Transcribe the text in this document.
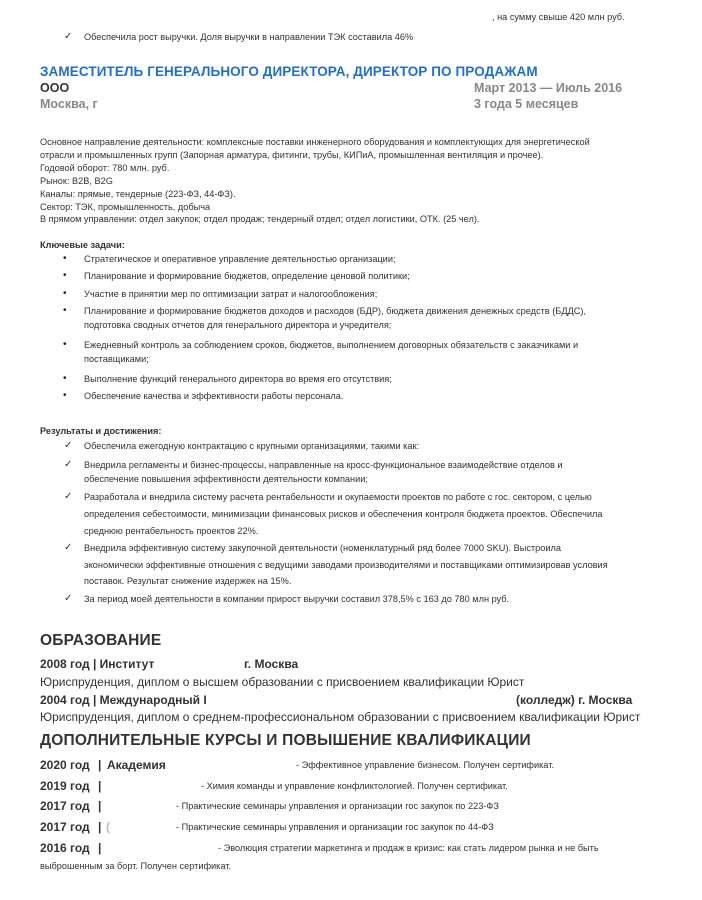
, на сумму свыше 420 млн руб.
✓ Обеспечила рост выручки. Доля выручки в направлении ТЭК составила 46%
ЗАМЕСТИТЕЛЬ ГЕНЕРАЛЬНОГО ДИРЕКТОРА, ДИРЕКТОР ПО ПРОДАЖАМ
ООО	Март 2013 — Июль 2016
Москва, г	3 года 5 месяцев
Основное направление деятельности: комплексные поставки инженерного оборудования и комплектующих для энергетической
отрасли и промышленных групп (Запорная арматура, фитинги, трубы, КИПиА, промышленная вентиляция и прочее).
Годовой оборот: 780 млн. руб.
Рынок: B2B, B2G
Каналы: прямые, тендерные (223-ФЗ, 44-ФЗ).
Сектор: ТЭК, промышленность, добыча
В прямом управлении: отдел закупок; отдел продаж; тендерный отдел; отдел логистики, ОТК. (25 чел).
Ключевые задачи:
• Стратегическое и оперативное управление деятельностью организации;
• Планирование и формирование бюджетов, определение ценовой политики;
• Участие в принятии мер по оптимизации затрат и налогообложения;
• Планирование и формирование бюджетов доходов и расходов (БДР), бюджета движения денежных средств (БДДС),
подготовка сводных отчетов для генерального директора и учредителя;
• Ежедневный контроль за соблюдением сроков, бюджетов, выполнением договорных обязательств с заказчиками и
поставщиками;
• Выполнение функций генерального директора во время его отсутствия;
• Обеспечение качества и эффективности работы персонала.
Результаты и достижения:
✓ Обеспечила ежегодную контрактацию с крупными организациями, такими как:
✓ Внедрила регламенты и бизнес-процессы, направленные на кросс-функциональное взаимодействие отделов и
обеспечение повышения эффективности деятельности компании;
✓ Разработала и внедрила систему расчета рентабельности и окупаемости проектов по работе с гос. сектором, с целью
определения себестоимости, минимизации финансовых рисков и обеспечения контроля бюджета проектов. Обеспечила
среднюю рентабельность проектов 22%.
✓ Внедрила эффективную систему закупочной деятельности (номенклатурный ряд более 7000 SKU). Выстроила
экономически эффективные отношения с ведущими заводами производителями и поставщиками оптимизировав условия
поставок. Результат снижение издержек на 15%.
✓ За период моей деятельности в компании прирост выручки составил 378,5% с 163 до 780 млн руб.
ОБРАЗОВАНИЕ
2008 год | Институт	г. Москва
Юриспруденция, диплом о высшем образовании с присвоением квалификации Юрист
2004 год | Международный I	(колледж) г. Москва
Юриспруденция, диплом о среднем-профессиональном образовании с присвоением квалификации Юрист
ДОПОЛНИТЕЛЬНЫЕ КУРСЫ И ПОВЫШЕНИЕ КВАЛИФИКАЦИИ
2020 год | Академия	- Эффективное управление бизнесом. Получен сертификат.
2019 год |	- Химия команды и управление конфликтологией. Получен сертификат.
2017 год |	- Практические семинары управления и организации гос закупок по 223-ФЗ
2017 год | (	- Практические семинары управления и организации гос закупок по 44-ФЗ
2016 год |	- Эволюция стратегии маркетинга и продаж в кризис: как стать лидером рынка и не быть
выброшенным за борт. Получен сертификат.
